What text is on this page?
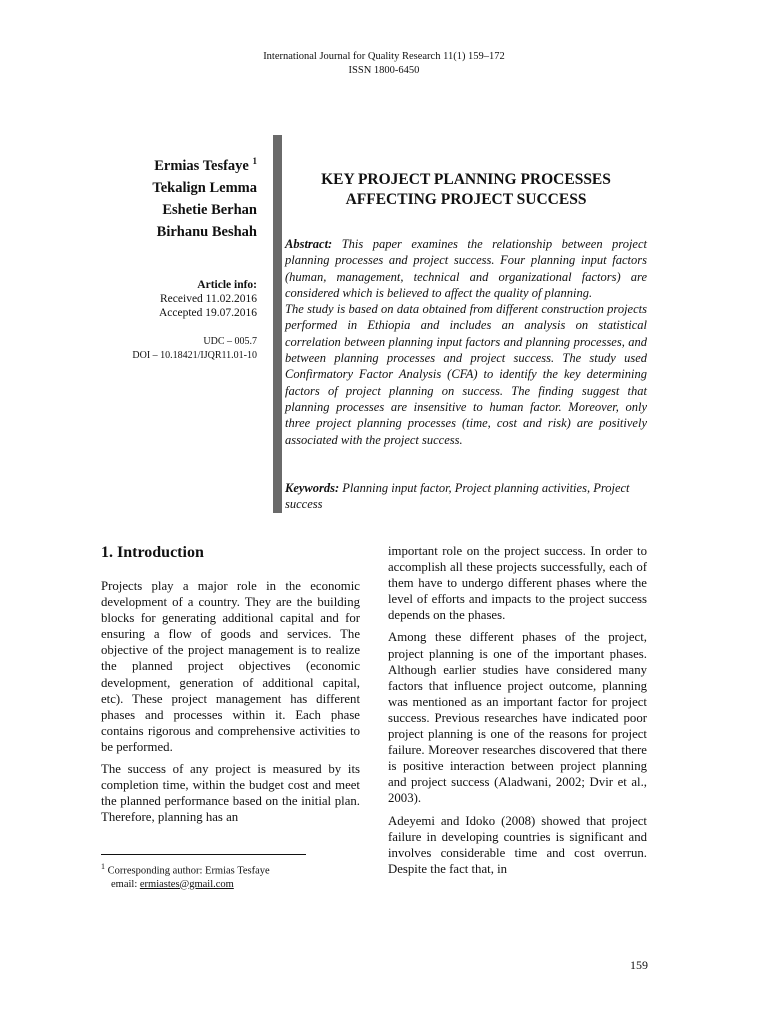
International Journal for Quality Research 11(1) 159–172
ISSN 1800-6450
Ermias Tesfaye $^1$
Tekalign Lemma
Eshetie Berhan
Birhanu Beshah
Article info:
Received 11.02.2016
Accepted 19.07.2016
UDC – 005.7
DOI – 10.18421/IJQR11.01-10
KEY PROJECT PLANNING PROCESSES
AFFECTING PROJECT SUCCESS

Abstract: This paper examines the relationship between project planning processes and project success. Four planning input factors (human, management, technical and organizational factors) are considered which is believed to affect the quality of planning.

The study is based on data obtained from different construction projects performed in Ethiopia and includes an analysis on statistical correlation between planning input factors and planning processes, and between planning processes and project success. The study used Confirmatory Factor Analysis (CFA) to identify the key determining factors of project planning on success. The finding suggest that planning processes are insensitive to human factor. Moreover, only three project planning processes (time, cost and risk) are positively associated with the project success.

Keywords: Planning input factor, Project planning activities, Project success
1. Introduction

Projects play a major role in the economic development of a country. They are the building blocks for generating additional capital and for ensuring a flow of goods and services. The objective of the project management is to realize the planned project objectives (economic development, generation of additional capital, etc). These project management has different phases and processes within it. Each phase contains rigorous and comprehensive activities to be performed.

The success of any project is measured by its completion time, within the budget cost and meet the planned performance based on the initial plan. Therefore, planning has an

important role on the project success. In order to accomplish all these projects successfully, each of them have to undergo different phases where the level of efforts and impacts to the project success depends on the phases.

Among these different phases of the project, project planning is one of the important phases. Although earlier studies have considered many factors that influence project outcome, planning was mentioned as an important factor for project success. Previous researches have indicated poor project planning is one of the reasons for project failure. Moreover researches discovered that there is positive interaction between project planning and project success (Aladwani, 2002; Dvir et al., 2003).

Adeyemi and Idoko (2008) showed that project failure in developing countries is significant and involves considerable time and cost overrun. Despite the fact that, in

$^1$ Corresponding author: Ermias Tesfaye
email: ermiastes@gmail.com
159
